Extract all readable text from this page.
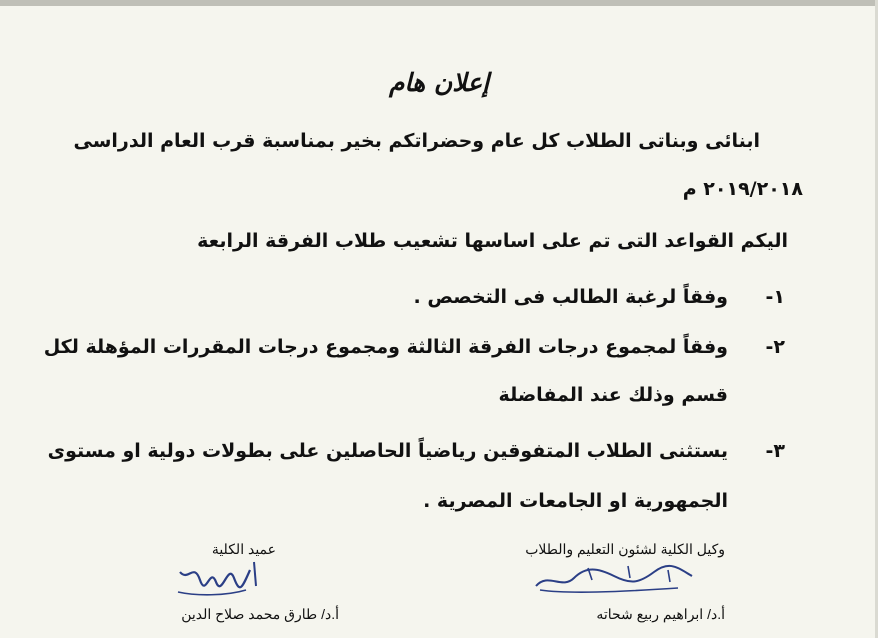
إعلان هام
ابنائى وبناتى الطلاب كل عام وحضراتكم بخير بمناسبة قرب العام الدراسى
٢٠١٩/٢٠١٨ م
اليكم القواعد التى تم على اساسها تشعيب طلاب الفرقة الرابعة
١-
وفقاً لرغبة الطالب فى التخصص .
٢-
وفقاً لمجموع درجات الفرقة الثالثة ومجموع درجات المقررات المؤهلة لكل
قسم وذلك عند المفاضلة
٣-
يستثنى الطلاب المتفوقين رياضياً الحاصلين على بطولات دولية او مستوى
الجمهورية او الجامعات المصرية .
وكيل الكلية لشئون التعليم والطلاب
أ.د/ ابراهيم ربيع شحاته
عميد الكلية
أ.د/ طارق محمد صلاح الدين
